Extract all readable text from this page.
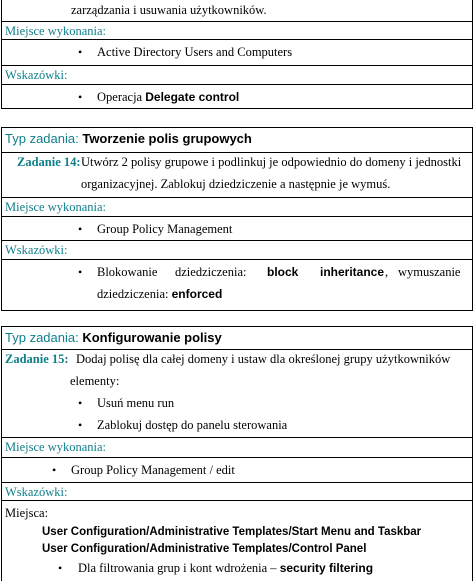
zarządzania i usuwania użytkowników.
Miejsce wykonania:
• Active Directory Users and Computers
Wskazówki:
• Operacja Delegate control
Typ zadania: Tworzenie polis grupowych
Zadanie 14: Utwórz 2 polisy grupowe i podlinkuj je odpowiednio do domeny i jednostki
organizacyjnej. Zablokuj dziedziczenie a następnie je wymuś.
Miejsce wykonania:
• Group Policy Management
Wskazówki:
• Blokowanie dziedziczenia: block inheritance , wymuszanie
dziedziczenia: enforced
Typ zadania: Konfigurowanie polisy
Zadanie 15: Dodaj polisę dla całej domeny i ustaw dla określonej grupy użytkowników
elementy:
• Usuń menu run
• Zablokuj dostęp do panelu sterowania
Miejsce wykonania:
• Group Policy Management / edit
Wskazówki:
Miejsca:
User Configuration/Administrative Templates/Start Menu and Taskbar
User Configuration/Administrative Templates/Control Panel
• Dla filtrowania grup i kont wdrożenia – security filtering
